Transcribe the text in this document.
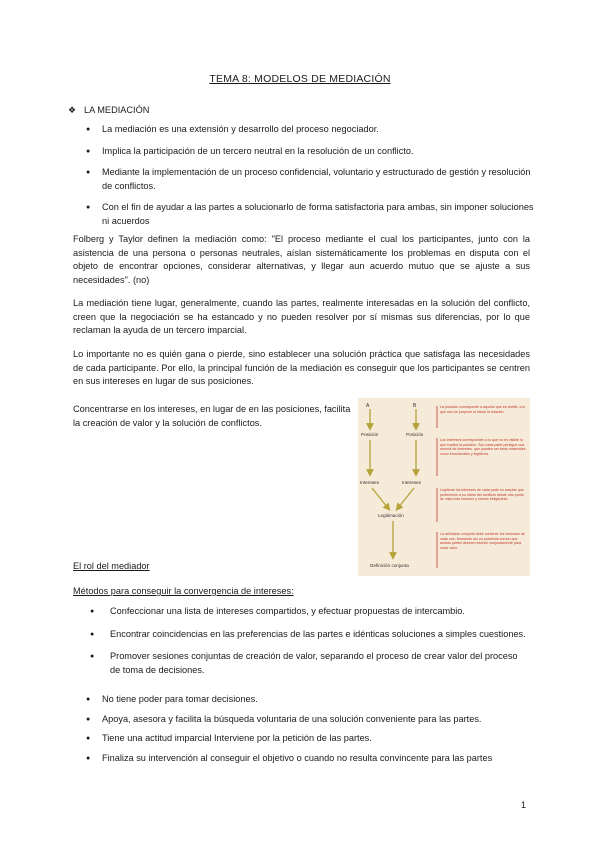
TEMA 8: MODELOS DE MEDIACIÓN
❖ LA MEDIACIÓN
● La mediación es una extensión y desarrollo del proceso negociador.
● Implica la participación de un tercero neutral en la resolución de un conflicto.
● Mediante la implementación de un proceso confidencial, voluntario y estructurado de gestión y resolución de conflictos.
● Con el fin de ayudar a las partes a solucionarlo de forma satisfactoria para ambas, sin imponer soluciones ni acuerdos
Folberg y Taylor definen la mediación como: "El proceso mediante el cual los participantes, junto con la asistencia de una persona o personas neutrales, aíslan sistemáticamente los problemas en disputa con el objeto de encontrar opciones, considerar alternativas, y llegar aun acuerdo mutuo que se ajuste a sus necesidades". (no)
La mediación tiene lugar, generalmente, cuando las partes, realmente interesadas en la solución del conflicto, creen que la negociación se ha estancado y no pueden resolver por sí mismas sus diferencias, por lo que reclaman la ayuda de un tercero imparcial.
Lo importante no es quién gana o pierde, sino establecer una solución práctica que satisfaga las necesidades de cada participante. Por ello, la principal función de la mediación es conseguir que los participantes se centren en sus intereses en lugar de sus posiciones.
Concentrarse en los intereses, en lugar de en las posiciones, facilita la creación de valor y la solución de conflictos.
A	B
Posición	Posición
Intereses	Intereses
Legitimación
Definición conjunta
La posición corresponde a aquello que es visible, a lo que uno se propone al iniciar la relación.
Los intereses corresponden a lo que no es visible lo que explica la posición. Son cada parte persigue una mezcla de intereses, que pueden ser tanto materiales como emocionales y legítimos.
Legitimar los intereses de cada parte es aceptar que pertenecen a su visión del conflicto desde otro punto de vista más humano y menos beligerante.
La definición conjunta debe contener los intereses de cada uno, formando así un problema común que ambas partes desean resolver conjuntamente para crear valor.
El rol del mediador
Métodos para conseguir la convergencia de intereses:
● Confeccionar una lista de intereses compartidos, y efectuar propuestas de intercambio.
● Encontrar coincidencias en las preferencias de las partes e idénticas soluciones a simples cuestiones.
● Promover sesiones conjuntas de creación de valor, separando el proceso de crear valor del proceso de toma de decisiones.
● No tiene poder para tomar decisiones.
● Apoya, asesora y facilita la búsqueda voluntaria de una solución conveniente para las partes.
● Tiene una actitud imparcial Interviene por la petición de las partes.
● Finaliza su intervención al conseguir el objetivo o cuando no resulta convincente para las partes
1
